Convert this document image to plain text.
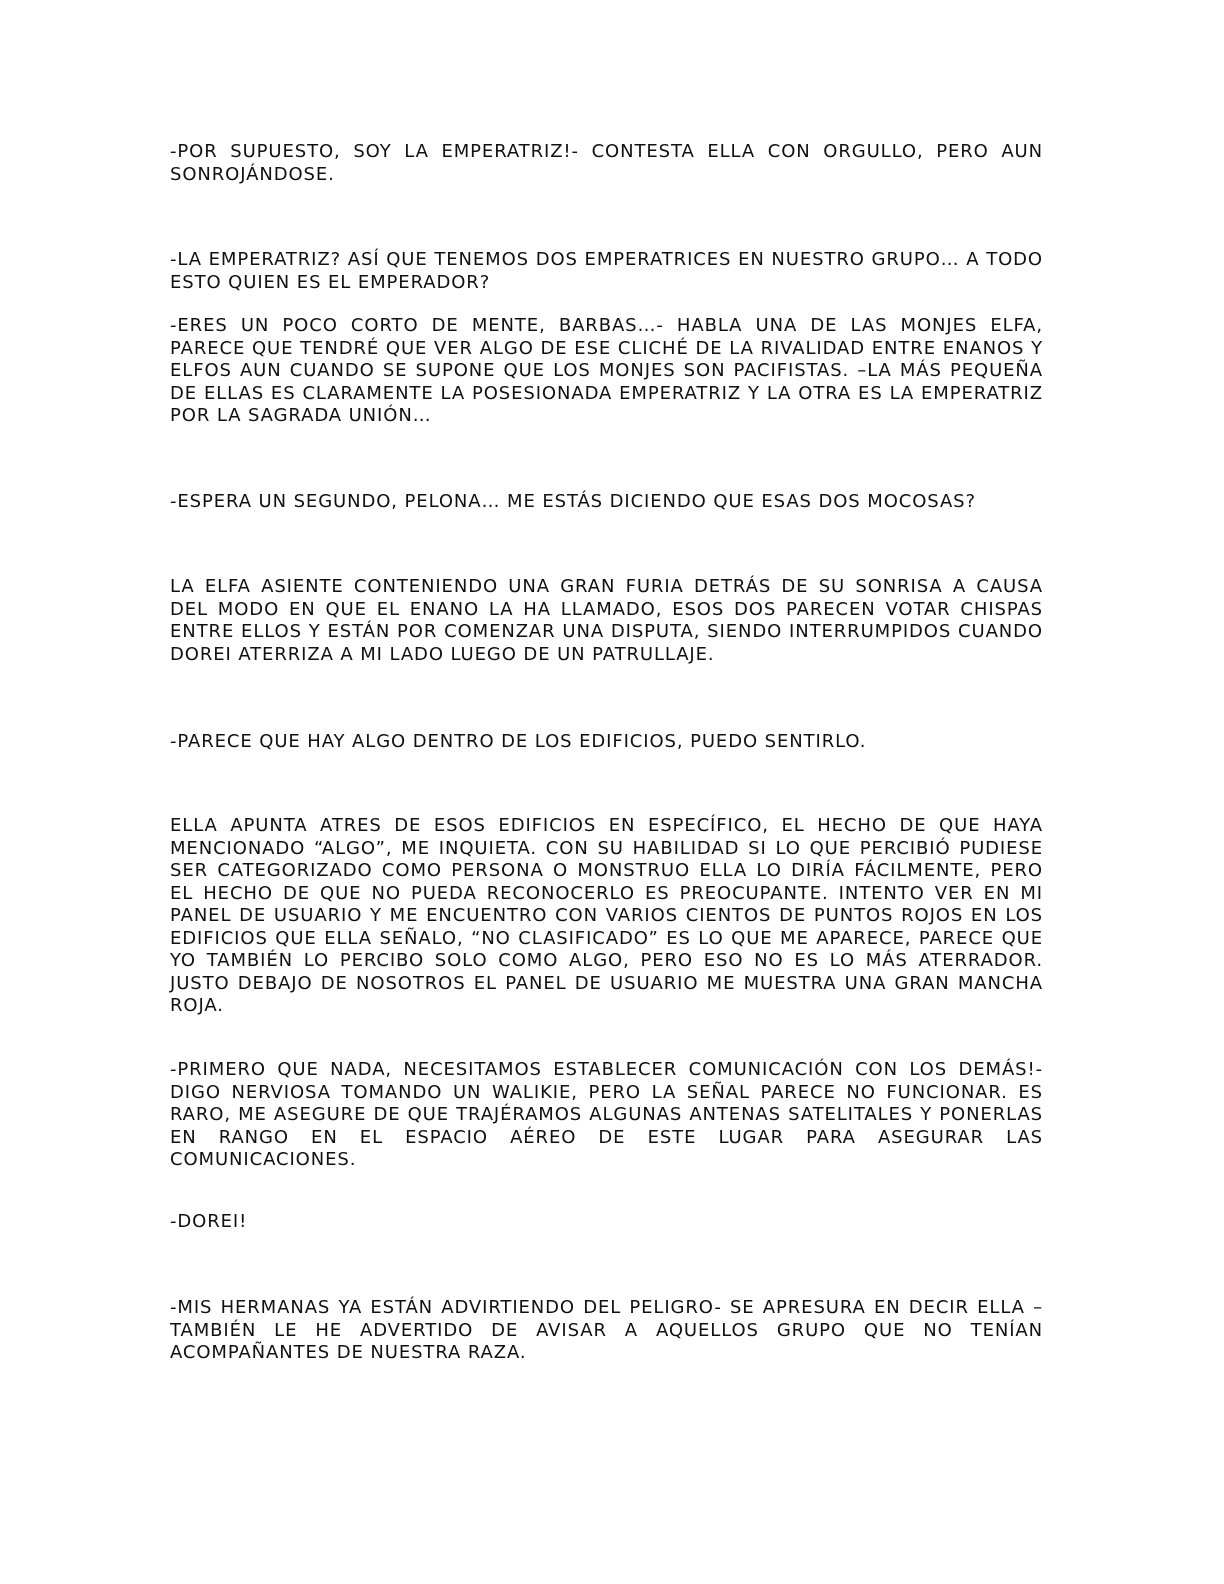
-POR SUPUESTO, SOY LA EMPERATRIZ!- CONTESTA ELLA CON ORGULLO, PERO AUN SONROJÁNDOSE.

-LA EMPERATRIZ? ASÍ QUE TENEMOS DOS EMPERATRICES EN NUESTRO GRUPO… A TODO ESTO QUIEN ES EL EMPERADOR?

-ERES UN POCO CORTO DE MENTE, BARBAS…- HABLA UNA DE LAS MONJES ELFA, PARECE QUE TENDRÉ QUE VER ALGO DE ESE CLICHÉ DE LA RIVALIDAD ENTRE ENANOS Y ELFOS AUN CUANDO SE SUPONE QUE LOS MONJES SON PACIFISTAS. –LA MÁS PEQUEÑA DE ELLAS ES CLARAMENTE LA POSESIONADA EMPERATRIZ Y LA OTRA ES LA EMPERATRIZ POR LA SAGRADA UNIÓN…

-ESPERA UN SEGUNDO, PELONA… ME ESTÁS DICIENDO QUE ESAS DOS MOCOSAS?

LA ELFA ASIENTE CONTENIENDO UNA GRAN FURIA DETRÁS DE SU SONRISA A CAUSA DEL MODO EN QUE EL ENANO LA HA LLAMADO, ESOS DOS PARECEN VOTAR CHISPAS ENTRE ELLOS Y ESTÁN POR COMENZAR UNA DISPUTA, SIENDO INTERRUMPIDOS CUANDO DOREI ATERRIZA A MI LADO LUEGO DE UN PATRULLAJE.

-PARECE QUE HAY ALGO DENTRO DE LOS EDIFICIOS, PUEDO SENTIRLO.

ELLA APUNTA ATRES DE ESOS EDIFICIOS EN ESPECÍFICO, EL HECHO DE QUE HAYA MENCIONADO “ALGO”, ME INQUIETA. CON SU HABILIDAD SI LO QUE PERCIBIÓ PUDIESE SER CATEGORIZADO COMO PERSONA O MONSTRUO ELLA LO DIRÍA FÁCILMENTE, PERO EL HECHO DE QUE NO PUEDA RECONOCERLO ES PREOCUPANTE. INTENTO VER EN MI PANEL DE USUARIO Y ME ENCUENTRO CON VARIOS CIENTOS DE PUNTOS ROJOS EN LOS EDIFICIOS QUE ELLA SEÑALO, “NO CLASIFICADO” ES LO QUE ME APARECE, PARECE QUE YO TAMBIÉN LO PERCIBO SOLO COMO ALGO, PERO ESO NO ES LO MÁS ATERRADOR. JUSTO DEBAJO DE NOSOTROS EL PANEL DE USUARIO ME MUESTRA UNA GRAN MANCHA ROJA.

-PRIMERO QUE NADA, NECESITAMOS ESTABLECER COMUNICACIÓN CON LOS DEMÁS!- DIGO NERVIOSA TOMANDO UN WALIKIE, PERO LA SEÑAL PARECE NO FUNCIONAR. ES RARO, ME ASEGURE DE QUE TRAJÉRAMOS ALGUNAS ANTENAS SATELITALES Y PONERLAS EN RANGO EN EL ESPACIO AÉREO DE ESTE LUGAR PARA ASEGURAR LAS COMUNICACIONES.

-DOREI!

-MIS HERMANAS YA ESTÁN ADVIRTIENDO DEL PELIGRO- SE APRESURA EN DECIR ELLA –TAMBIÉN LE HE ADVERTIDO DE AVISAR A AQUELLOS GRUPO QUE NO TENÍAN ACOMPAÑANTES DE NUESTRA RAZA.
